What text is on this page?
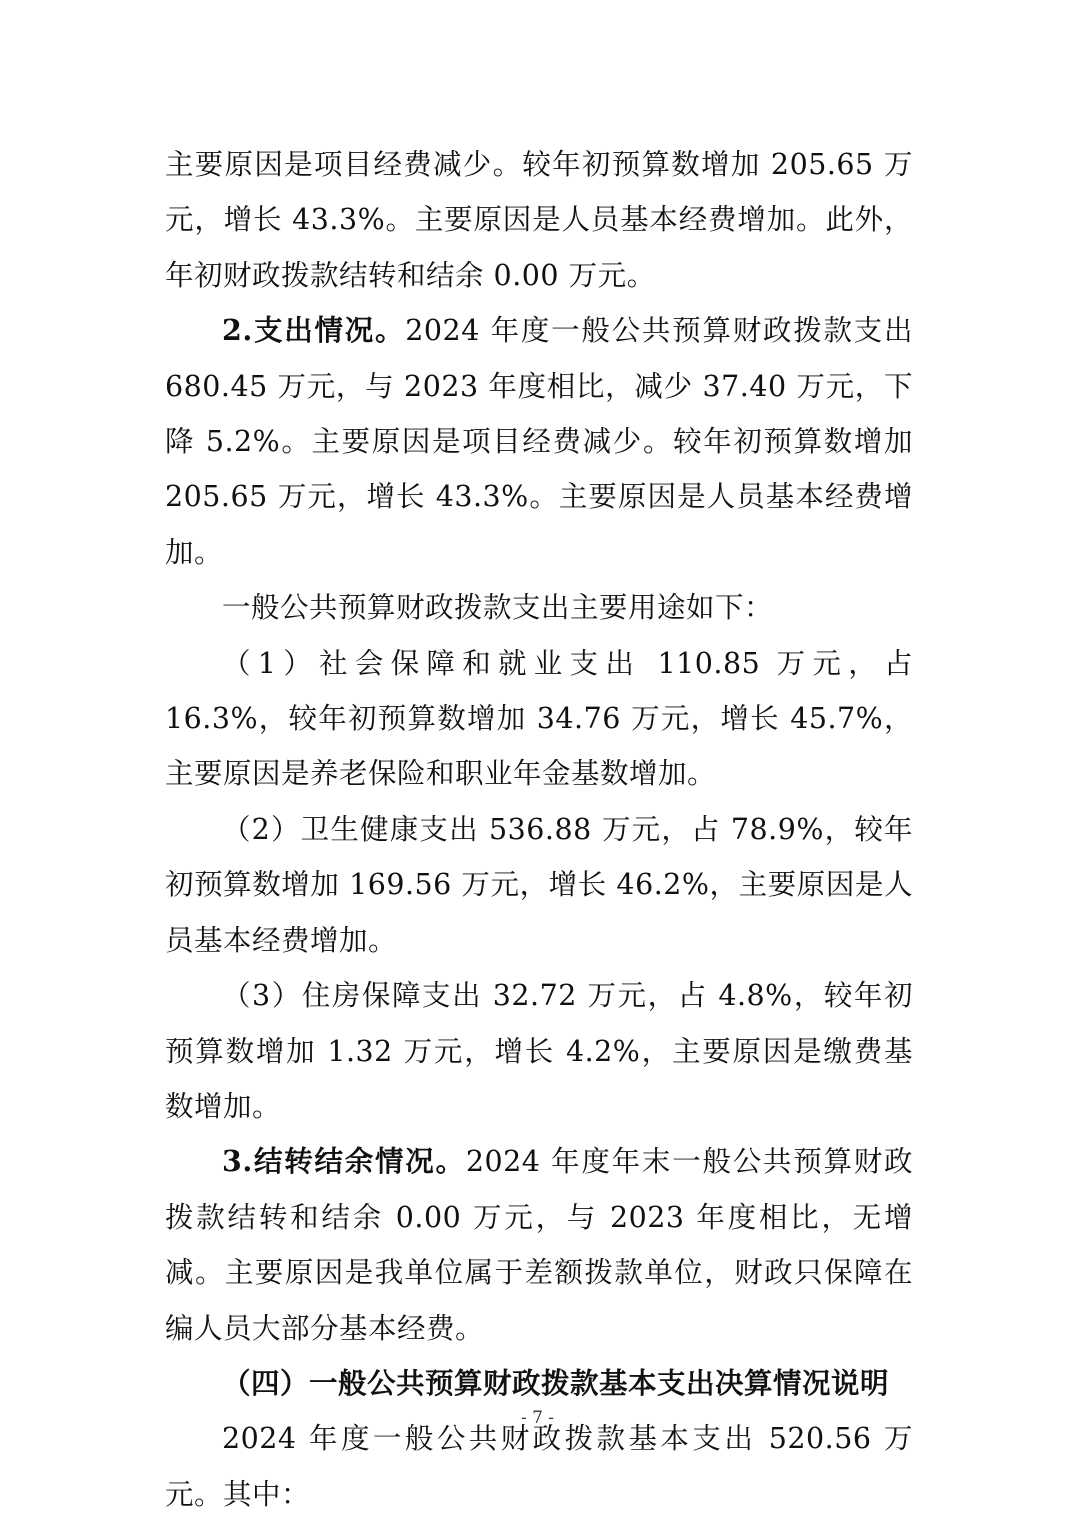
主要原因是项目经费减少。较年初预算数增加 205.65 万元，增长 43.3%。主要原因是人员基本经费增加。此外，年初财政拨款结转和结余 0.00 万元。

2.支出情况。2024 年度一般公共预算财政拨款支出 680.45 万元，与 2023 年度相比，减少 37.40 万元，下降 5.2%。主要原因是项目经费减少。较年初预算数增加 205.65 万元，增长 43.3%。主要原因是人员基本经费增加。

一般公共预算财政拨款支出主要用途如下：

（1）社会保障和就业支出 110.85 万元，占 16.3%，较年初预算数增加 34.76 万元，增长 45.7%，主要原因是养老保险和职业年金基数增加。

（2）卫生健康支出 536.88 万元，占 78.9%，较年初预算数增加 169.56 万元，增长 46.2%，主要原因是人员基本经费增加。

（3）住房保障支出 32.72 万元，占 4.8%，较年初预算数增加 1.32 万元，增长 4.2%，主要原因是缴费基数增加。

3.结转结余情况。2024 年度年末一般公共预算财政拨款结转和结余 0.00 万元，与 2023 年度相比，无增减。主要原因是我单位属于差额拨款单位，财政只保障在编人员大部分基本经费。

（四）一般公共预算财政拨款基本支出决算情况说明

2024 年度一般公共财政拨款基本支出 520.56 万元。其中：

- 7 -
